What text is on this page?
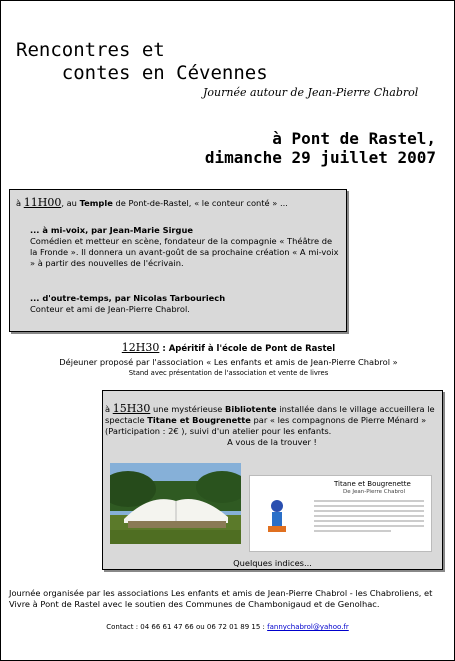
Rencontres et
contes en Cévennes
Journée autour de Jean-Pierre Chabrol
à Pont de Rastel,
dimanche 29 juillet 2007
à 11H00, au Temple de Pont-de-Rastel, « le conteur conté » ...
... à mi-voix, par Jean-Marie Sirgue
Comédien et metteur en scène, fondateur de la compagnie « Théâtre de la Fronde ». Il donnera un avant-goût de sa prochaine création « A mi-voix » à partir des nouvelles de l'écrivain.
... d'outre-temps, par Nicolas Tarbouriech
Conteur et ami de Jean-Pierre Chabrol.
12H30 : Apéritif à l'école de Pont de Rastel
Déjeuner proposé par l'association « Les enfants et amis de Jean-Pierre Chabrol »
Stand avec présentation de l'association et vente de livres
à 15H30 une mystérieuse Bibliotente installée dans le village accueillera le spectacle Titane et Bougrenette par « les compagnons de Pierre Ménard » (Participation : 2€ ), suivi d'un atelier pour les enfants.
A vous de la trouver !
Titane et Bougrenette
De Jean-Pierre Chabrol
Quelques indices...
Journée organisée par les associations Les enfants et amis de Jean-Pierre Chabrol - les Chabroliens, et Vivre à Pont de Rastel avec le soutien des Communes de Chambonigaud et de Genolhac.
Contact : 04 66 61 47 66 ou 06 72 01 89 15 : fannychabrol@yahoo.fr
